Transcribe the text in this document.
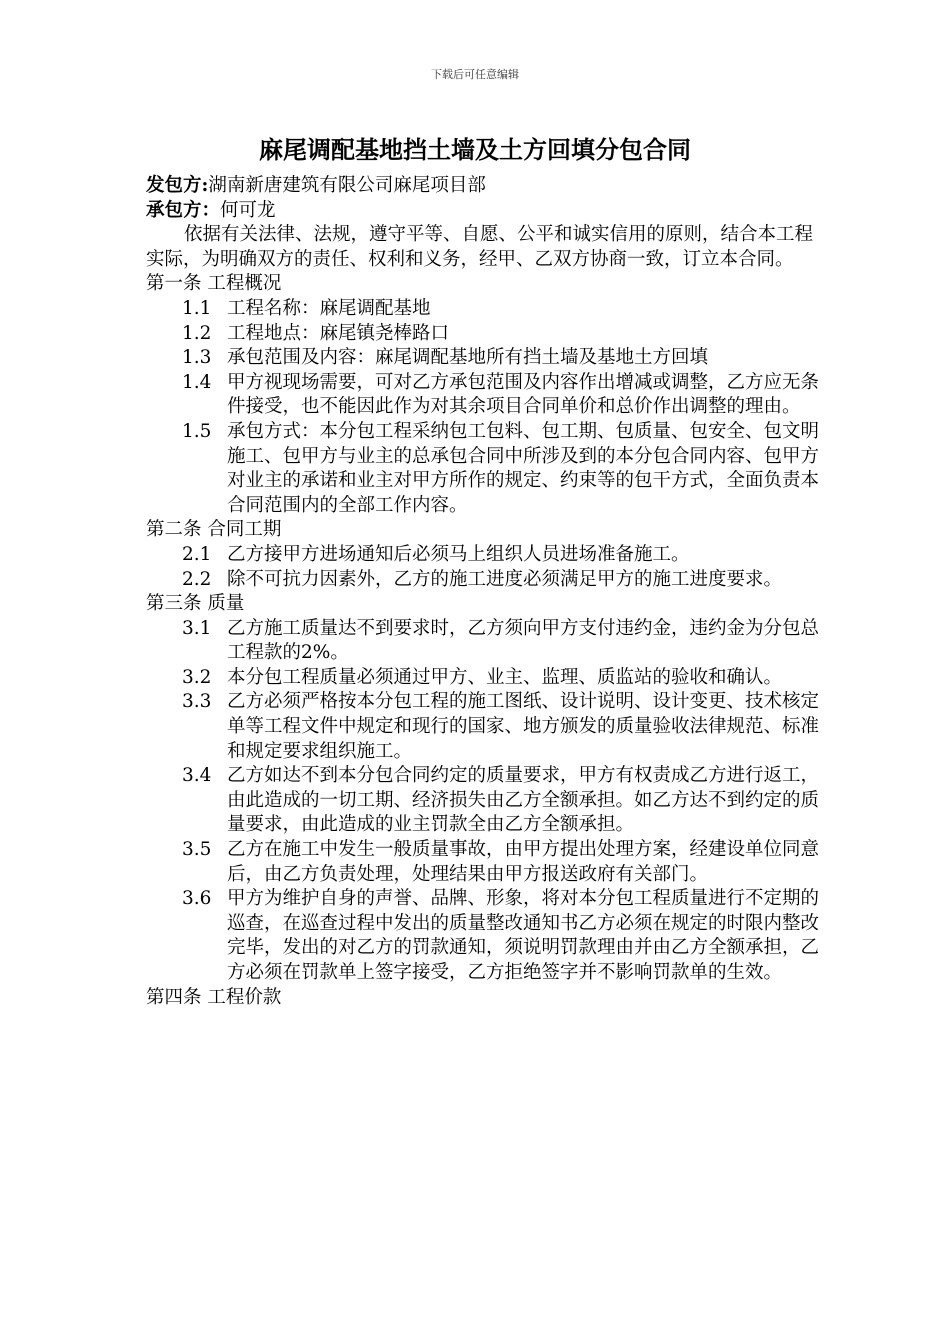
下载后可任意编辑
麻尾调配基地挡土墙及土方回填分包合同
发包方:湖南新唐建筑有限公司麻尾项目部
承包方：何可龙
依据有关法律、法规，遵守平等、自愿、公平和诚实信用的原则，结合本工程实际，为明确双方的责任、权利和义务，经甲、乙双方协商一致，订立本合同。
第一条 工程概况
1.1 工程名称：麻尾调配基地
1.2 工程地点：麻尾镇尧棒路口
1.3 承包范围及内容：麻尾调配基地所有挡土墙及基地土方回填
1.4 甲方视现场需要，可对乙方承包范围及内容作出增减或调整，乙方应无条件接受，也不能因此作为对其余项目合同单价和总价作出调整的理由。
1.5 承包方式：本分包工程采纳包工包料、包工期、包质量、包安全、包文明施工、包甲方与业主的总承包合同中所涉及到的本分包合同内容、包甲方对业主的承诺和业主对甲方所作的规定、约束等的包干方式，全面负责本合同范围内的全部工作内容。
第二条 合同工期
2.1 乙方接甲方进场通知后必须马上组织人员进场准备施工。
2.2 除不可抗力因素外，乙方的施工进度必须满足甲方的施工进度要求。
第三条 质量
3.1 乙方施工质量达不到要求时，乙方须向甲方支付违约金，违约金为分包总工程款的2%。
3.2 本分包工程质量必须通过甲方、业主、监理、质监站的验收和确认。
3.3 乙方必须严格按本分包工程的施工图纸、设计说明、设计变更、技术核定单等工程文件中规定和现行的国家、地方颁发的质量验收法律规范、标准和规定要求组织施工。
3.4 乙方如达不到本分包合同约定的质量要求，甲方有权责成乙方进行返工，由此造成的一切工期、经济损失由乙方全额承担。如乙方达不到约定的质量要求，由此造成的业主罚款全由乙方全额承担。
3.5 乙方在施工中发生一般质量事故，由甲方提出处理方案，经建设单位同意后，由乙方负责处理，处理结果由甲方报送政府有关部门。
3.6 甲方为维护自身的声誉、品牌、形象，将对本分包工程质量进行不定期的巡查，在巡查过程中发出的质量整改通知书乙方必须在规定的时限内整改完毕，发出的对乙方的罚款通知，须说明罚款理由并由乙方全额承担，乙方必须在罚款单上签字接受，乙方拒绝签字并不影响罚款单的生效。
第四条 工程价款
